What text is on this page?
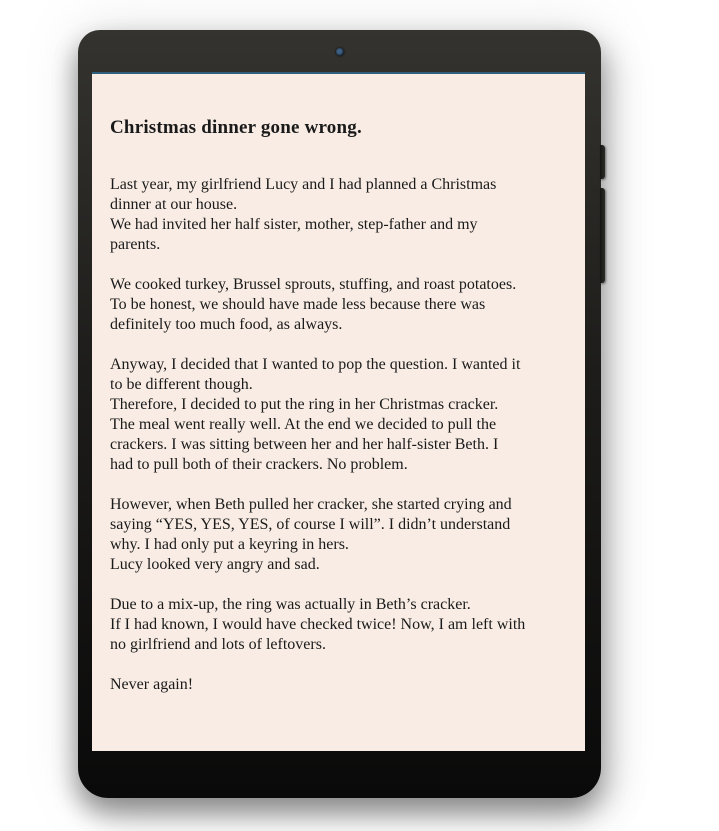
Christmas dinner gone wrong.

Last year, my girlfriend Lucy and I had planned a Christmas
dinner at our house.
We had invited her half sister, mother, step-father and my
parents.

We cooked turkey, Brussel sprouts, stuffing, and roast potatoes.
To be honest, we should have made less because there was
definitely too much food, as always.

Anyway, I decided that I wanted to pop the question. I wanted it
to be different though.
Therefore, I decided to put the ring in her Christmas cracker.
The meal went really well. At the end we decided to pull the
crackers. I was sitting between her and her half-sister Beth. I
had to pull both of their crackers. No problem.

However, when Beth pulled her cracker, she started crying and
saying “YES, YES, YES, of course I will”. I didn’t understand
why. I had only put a keyring in hers.
Lucy looked very angry and sad.

Due to a mix-up, the ring was actually in Beth’s cracker.
If I had known, I would have checked twice! Now, I am left with
no girlfriend and lots of leftovers.

Never again!
